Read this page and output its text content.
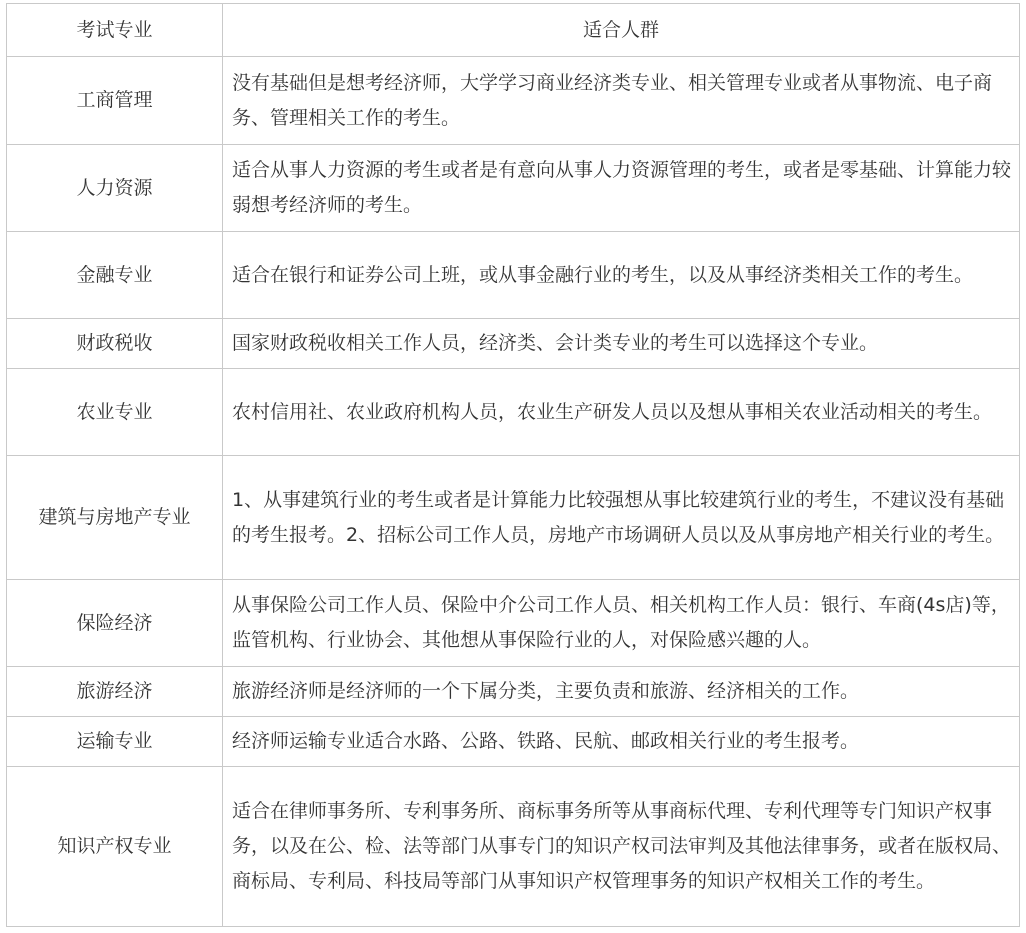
考试专业	适合人群
工商管理	没有基础但是想考经济师，大学学习商业经济类专业、相关管理专业或者从事物流、电子商务、管理相关工作的考生。
人力资源	适合从事人力资源的考生或者是有意向从事人力资源管理的考生，或者是零基础、计算能力较弱想考经济师的考生。
金融专业	适合在银行和证券公司上班，或从事金融行业的考生，以及从事经济类相关工作的考生。
财政税收	国家财政税收相关工作人员，经济类、会计类专业的考生可以选择这个专业。
农业专业	农村信用社、农业政府机构人员，农业生产研发人员以及想从事相关农业活动相关的考生。
建筑与房地产专业	1、从事建筑行业的考生或者是计算能力比较强想从事比较建筑行业的考生，不建议没有基础的考生报考。2、招标公司工作人员，房地产市场调研人员以及从事房地产相关行业的考生。
保险经济	从事保险公司工作人员、保险中介公司工作人员、相关机构工作人员：银行、车商(4s店)等，监管机构、行业协会、其他想从事保险行业的人，对保险感兴趣的人。
旅游经济	旅游经济师是经济师的一个下属分类，主要负责和旅游、经济相关的工作。
运输专业	经济师运输专业适合水路、公路、铁路、民航、邮政相关行业的考生报考。
知识产权专业	适合在律师事务所、专利事务所、商标事务所等从事商标代理、专利代理等专门知识产权事务，以及在公、检、法等部门从事专门的知识产权司法审判及其他法律事务，或者在版权局、商标局、专利局、科技局等部门从事知识产权管理事务的知识产权相关工作的考生。
